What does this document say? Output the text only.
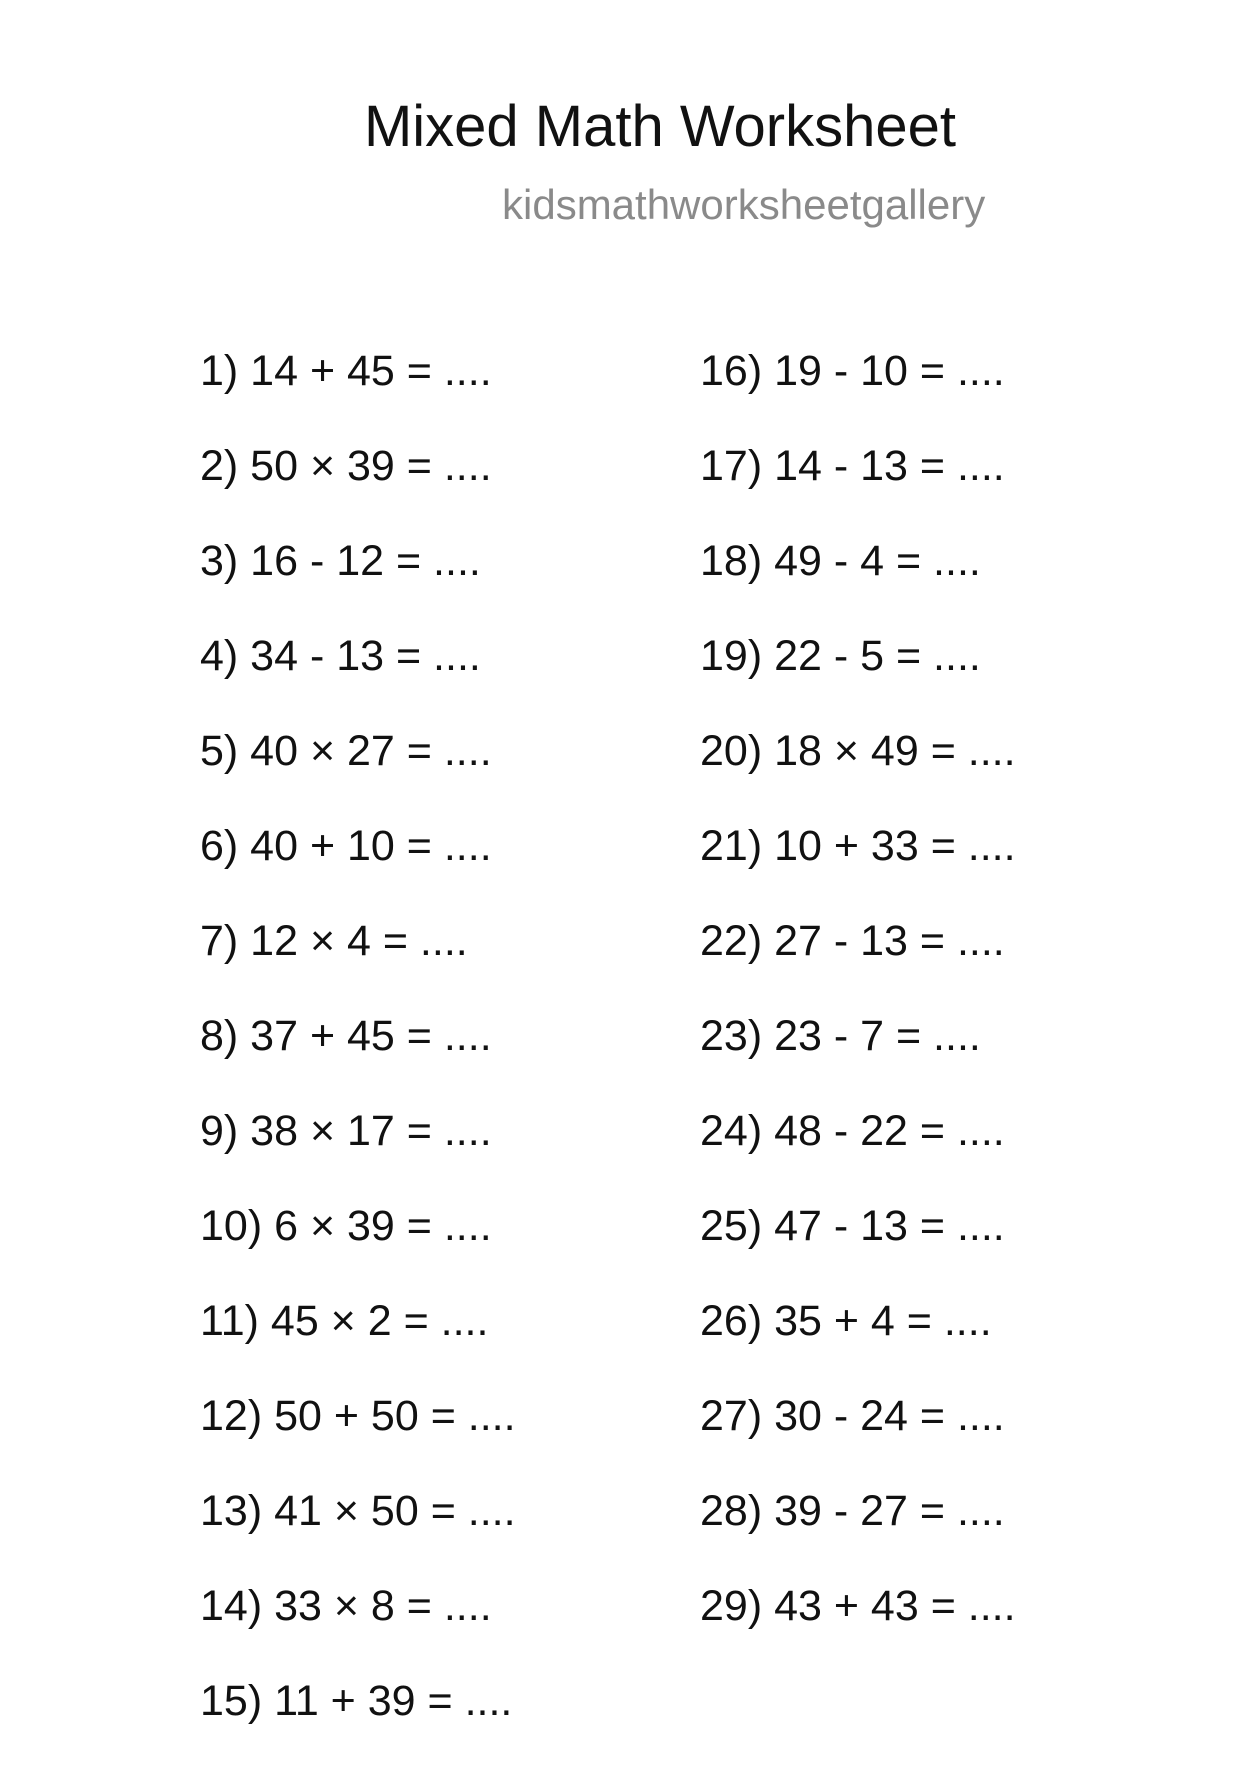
Mixed Math Worksheet
kidsmathworksheetgallery
1) 14 + 45 = ....
2) 50 × 39 = ....
3) 16 - 12 = ....
4) 34 - 13 = ....
5) 40 × 27 = ....
6) 40 + 10 = ....
7) 12 × 4 = ....
8) 37 + 45 = ....
9) 38 × 17 = ....
10) 6 × 39 = ....
11) 45 × 2 = ....
12) 50 + 50 = ....
13) 41 × 50 = ....
14) 33 × 8 = ....
15) 11 + 39 = ....
16) 19 - 10 = ....
17) 14 - 13 = ....
18) 49 - 4 = ....
19) 22 - 5 = ....
20) 18 × 49 = ....
21) 10 + 33 = ....
22) 27 - 13 = ....
23) 23 - 7 = ....
24) 48 - 22 = ....
25) 47 - 13 = ....
26) 35 + 4 = ....
27) 30 - 24 = ....
28) 39 - 27 = ....
29) 43 + 43 = ....
